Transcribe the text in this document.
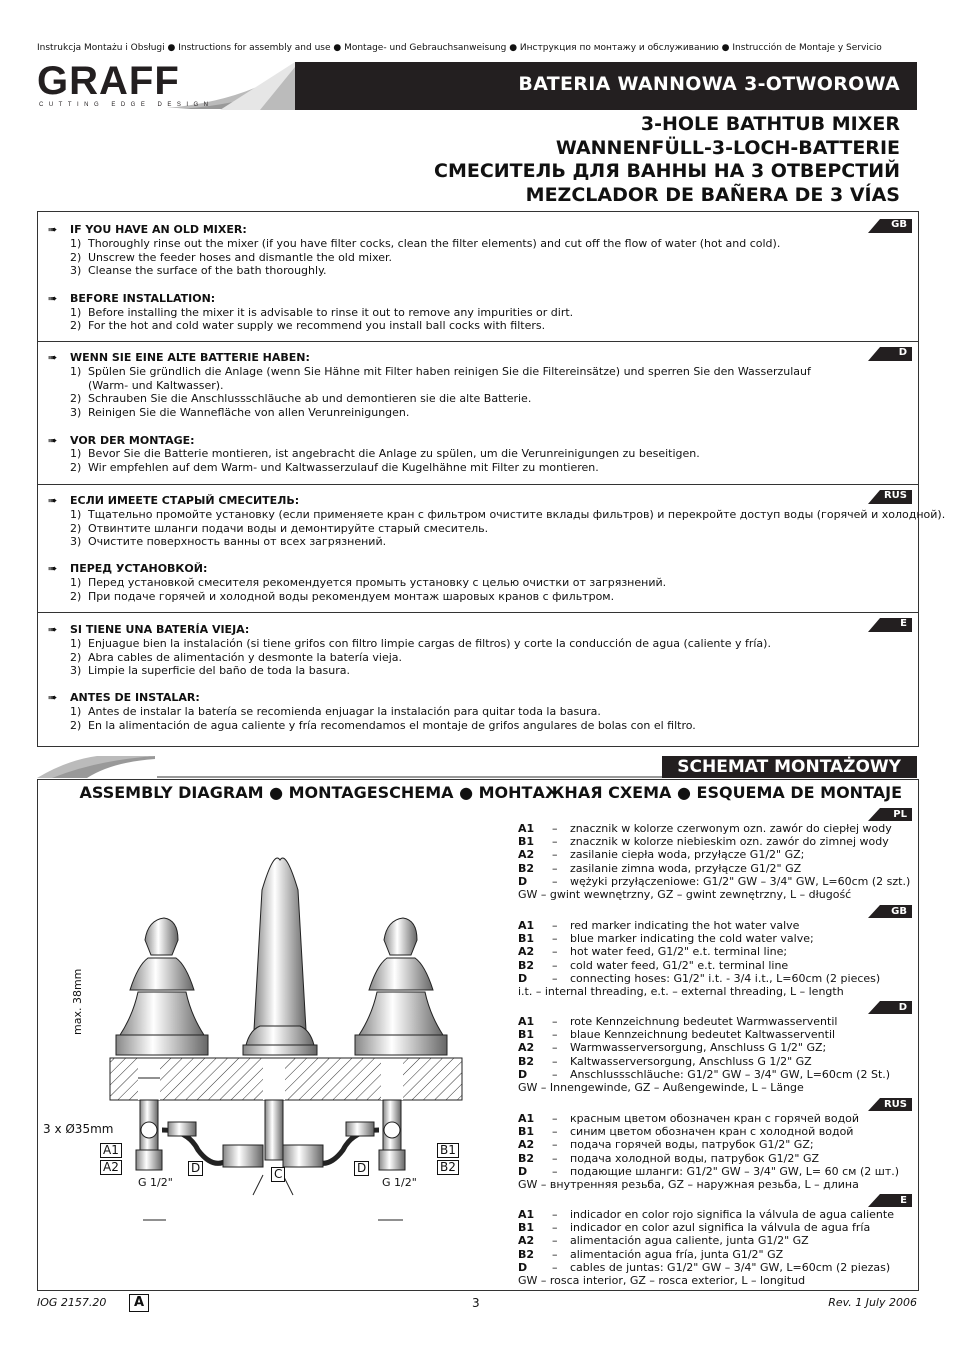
Instrukcja Montażu i Obsługi ● Instructions for assembly and use ● Montage- und Gebrauchsanweisung ● Инструкция по монтажу и обслуживанию ● Instrucción de Montaje y Servicio
GRAFF
CUTTING EDGE DESIGN
BATERIA WANNOWA 3-OTWOROWA
3-HOLE BATHTUB MIXER
WANNENFÜLL-3-LOCH-BATTERIE
СМЕСИТЕЛЬ ДЛЯ ВАННЫ НА 3 ОТВЕРСТИЙ
MEZCLADOR DE BAÑERA DE 3 VÍAS
GB
➠ IF YOU HAVE AN OLD MIXER:
1) Thoroughly rinse out the mixer (if you have filter cocks, clean the filter elements) and cut off the flow of water (hot and cold).
2) Unscrew the feeder hoses and dismantle the old mixer.
3) Cleanse the surface of the bath thoroughly.
➠ BEFORE INSTALLATION:
1) Before installing the mixer it is advisable to rinse it out to remove any impurities or dirt.
2) For the hot and cold water supply we recommend you install ball cocks with filters.
D
➠ WENN SIE EINE ALTE BATTERIE HABEN:
1) Spülen Sie gründlich die Anlage (wenn Sie Hähne mit Filter haben reinigen Sie die Filtereinsätze) und sperren Sie den Wasserzulauf
(Warm- und Kaltwasser).
2) Schrauben Sie die Anschlussschläuche ab und demontieren sie die alte Batterie.
3) Reinigen Sie die Wannefläche von allen Verunreinigungen.
➠ VOR DER MONTAGE:
1) Bevor Sie die Batterie montieren, ist angebracht die Anlage zu spülen, um die Verunreinigungen zu beseitigen.
2) Wir empfehlen auf dem Warm- und Kaltwasserzulauf die Kugelhähne mit Filter zu montieren.
RUS
➠ ЕСЛИ ИМЕЕТЕ СТАРЫЙ СМЕСИТЕЛЬ:
1) Тщательно промойте установку (если применяете кран с фильтром очистите вклады фильтров) и перекройте доступ воды (горячей и холодной).
2) Отвинтите шланги подачи воды и демонтируйте старый смеситель.
3) Очистите поверхность ванны от всех загрязнений.
➠ ПЕРЕД УСТАНОВКОЙ:
1) Перед установкой смесителя рекомендуется промыть установку с целью очистки от загрязнений.
2) При подаче горячей и холодной воды рекомендуем монтаж шаровых кранов с фильтром.
E
➠ SI TIENE UNA BATERÍA VIEJA:
1) Enjuague bien la instalación (si tiene grifos con filtro limpie cargas de filtros) y corte la conducción de agua (caliente y fría).
2) Abra cables de alimentación y desmonte la batería vieja.
3) Limpie la superficie del baño de toda la basura.
➠ ANTES DE INSTALAR:
1) Antes de instalar la batería se recomienda enjuagar la instalación para quitar toda la basura.
2) En la alimentación de agua caliente y fría recomendamos el montaje de grifos angulares de bolas con el filtro.
SCHEMAT MONTAŻOWY
ASSEMBLY DIAGRAM ● MONTAGESCHEMA ● МОНТАЖНАЯ СХЕМА ● ESQUEMA DE MONTAJE
max. 38mm
3 x Ø35mm
A1
A2	D	C	D
B1
B2
G 1/2"	G 1/2"
PL
A1 – znacznik w kolorze czerwonym ozn. zawór do ciepłej wody
B1 – znacznik w kolorze niebieskim ozn. zawór do zimnej wody
A2 – zasilanie ciepła woda, przyłącze G1/2" GZ;
B2 – zasilanie zimna woda, przyłącze G1/2" GZ
D – wężyki przyłączeniowe: G1/2" GW – 3/4" GW, L=60cm (2 szt.)
GW – gwint wewnętrzny, GZ – gwint zewnętrzny, L – długość
GB
A1 – red marker indicating the hot water valve
B1 – blue marker indicating the cold water valve;
A2 – hot water feed, G1/2" e.t. terminal line;
B2 – cold water feed, G1/2" e.t. terminal line
D – connecting hoses: G1/2" i.t. - 3/4 i.t., L=60cm (2 pieces)
i.t. – internal threading, e.t. – external threading, L – length
D
A1 – rote Kennzeichnung bedeutet Warmwasserventil
B1 – blaue Kennzeichnung bedeutet Kaltwasserventil
A2 – Warmwasserversorgung, Anschluss G 1/2" GZ;
B2 – Kaltwasserversorgung, Anschluss G 1/2" GZ
D – Anschlussschläuche: G1/2" GW – 3/4" GW, L=60cm (2 St.)
GW – Innengewinde, GZ – Außengewinde, L – Länge
RUS
A1 – красным цветом обозначен кран с горячей водой
B1 – синим цветом обозначен кран с холодной водой
A2 – подача горячей воды, патрубок G1/2" GZ;
B2 – подача холодной воды, патрубок G1/2" GZ
D – подающие шланги: G1/2" GW – 3/4" GW, L= 60 см (2 шт.)
GW – внутренняя резьба, GZ – наружная резьба, L – длина
E
A1 – indicador en color rojo significa la válvula de agua caliente
B1 – indicador en color azul significa la válvula de agua fría
A2 – alimentación agua caliente, junta G1/2" GZ
B2 – alimentación agua fría, junta G1/2" GZ
D – cables de juntas: G1/2" GW – 3/4" GW, L=60cm (2 piezas)
GW – rosca interior, GZ – rosca exterior, L – longitud
IOG 2157.20	A	3	Rev. 1 July 2006
